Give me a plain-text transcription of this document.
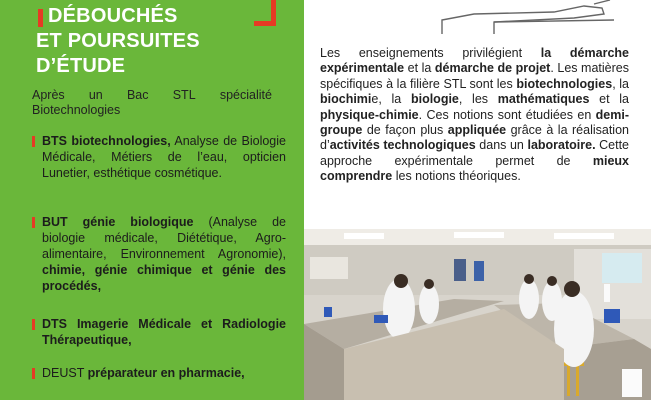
DÉBOUCHÉS
ET POURSUITES
D’ÉTUDE
Après un Bac STL spécialité
Biotechnologies
BTS biotechnologies, Analyse de Biologie Médicale, Métiers de l’eau, opticien Lunetier, esthétique cosmétique.
BUT génie biologique (Analyse de biologie médicale, Diététique, Agro-alimentaire, Environnement Agronomie), chimie, génie chimique et génie des procédés,
DTS Imagerie Médicale et Radiologie Thérapeutique,
DEUST préparateur en pharmacie,
Les enseignements privilégient la démarche expérimentale et la démarche de projet. Les matières spécifiques à la filière STL sont les biotechnologies, la biochimie, la biologie, les mathématiques et la physique-chimie. Ces notions sont étudiées en demi-groupe de façon plus appliquée grâce à la réalisation d’activités technologiques dans un laboratoire. Cette approche expérimentale permet de mieux comprendre les notions théoriques.
